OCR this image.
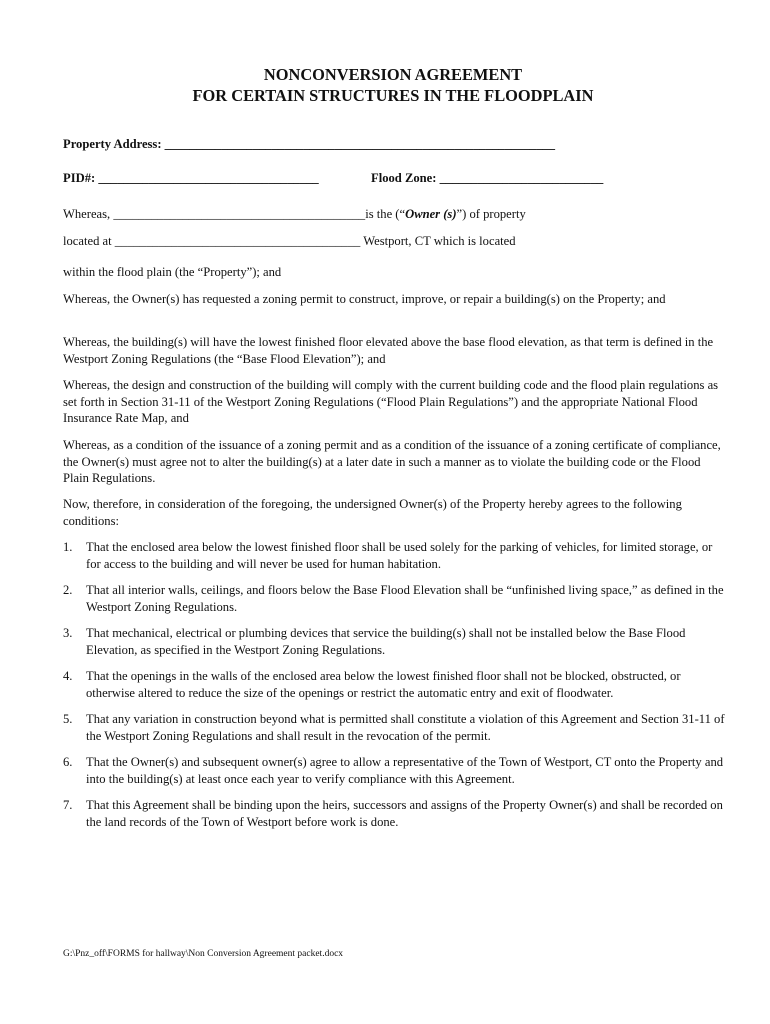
NONCONVERSION AGREEMENT
FOR CERTAIN STRUCTURES IN THE FLOODPLAIN
Property Address: ______________________________________________________________
PID#: ___________________________________	Flood Zone: __________________________
Whereas, ________________________________________is the (“Owner (s)”) of property
located at _______________________________________ Westport, CT which is located
within the flood plain (the “Property”); and
Whereas, the Owner(s) has requested a zoning permit to construct, improve, or repair a building(s) on the Property; and
Whereas, the building(s) will have the lowest finished floor elevated above the base flood elevation, as that term is defined in the Westport Zoning Regulations (the “Base Flood Elevation”); and
Whereas, the design and construction of the building will comply with the current building code and the flood plain regulations as set forth in Section 31-11 of the Westport Zoning Regulations (“Flood Plain Regulations”) and the appropriate National Flood Insurance Rate Map, and
Whereas, as a condition of the issuance of a zoning permit and as a condition of the issuance of a zoning certificate of compliance, the Owner(s) must agree not to alter the building(s) at a later date in such a manner as to violate the building code or the Flood Plain Regulations.
Now, therefore, in consideration of the foregoing, the undersigned Owner(s) of the Property hereby agrees to the following conditions:
1. That the enclosed area below the lowest finished floor shall be used solely for the parking of vehicles, for limited storage, or for access to the building and will never be used for human habitation.
2. That all interior walls, ceilings, and floors below the Base Flood Elevation shall be “unfinished living space,” as defined in the Westport Zoning Regulations.
3. That mechanical, electrical or plumbing devices that service the building(s) shall not be installed below the Base Flood Elevation, as specified in the Westport Zoning Regulations.
4. That the openings in the walls of the enclosed area below the lowest finished floor shall not be blocked, obstructed, or otherwise altered to reduce the size of the openings or restrict the automatic entry and exit of floodwater.
5. That any variation in construction beyond what is permitted shall constitute a violation of this Agreement and Section 31-11 of the Westport Zoning Regulations and shall result in the revocation of the permit.
6. That the Owner(s) and subsequent owner(s) agree to allow a representative of the Town of Westport, CT onto the Property and into the building(s) at least once each year to verify compliance with this Agreement.
7. That this Agreement shall be binding upon the heirs, successors and assigns of the Property Owner(s) and shall be recorded on the land records of the Town of Westport before work is done.
G:\Pnz_off\FORMS for hallway\Non Conversion Agreement packet.docx
